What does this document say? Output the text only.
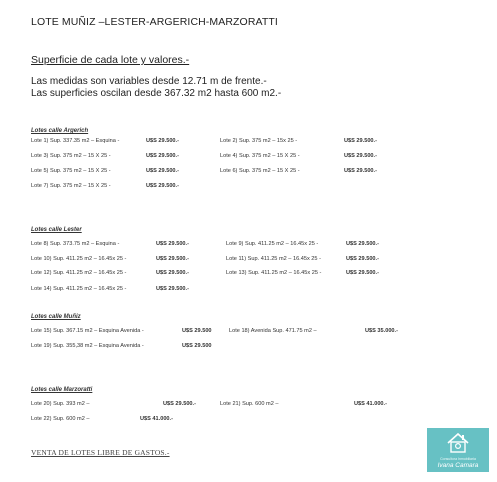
LOTE MUÑIZ –LESTER-ARGERICH-MARZORATTI
Superficie de cada lote y valores.-
Las medidas son variables desde 12.71 m de frente.-
Las superficies oscilan desde 367.32 m2 hasta 600 m2.-
Lotes calle Argerich
Lote 1) Sup. 337.35 m2 – Esquina -	U$S 29.500.-	Lote 2) Sup. 375 m2 – 15x 25 -	U$S 29.500.-
Lote 3) Sup. 375 m2 – 15 X 25 -	U$S 29.500.-	Lote 4) Sup. 375 m2 – 15 X 25 -	U$S 29.500.-
Lote 5) Sup. 375 m2 – 15 X 25 -	U$S 29.500.-	Lote 6) Sup. 375 m2 – 15 X 25 -	U$S 29.500.-
Lote 7) Sup. 375 m2 – 15 X 25 -	U$S 29.500.-
Lotes calle Lester
Lote 8) Sup. 373.75 m2 – Esquina -	U$S 29.500.-	Lote 9) Sup. 411.25 m2 – 16.45x 25 -	U$S 29.500.-
Lote 10) Sup. 411.25 m2 – 16.45x 25 -	U$S 29.500.-	Lote 11) Sup. 411.25 m2 – 16.45x 25 -	U$S 29.500.-
Lote 12) Sup. 411.25 m2 – 16.45x 25 -	U$S 29.500.-	Lote 13) Sup. 411.25 m2 – 16.45x 25 -	U$S 29.500.-
Lote 14) Sup. 411.25 m2 – 16.45x 25 -	U$S 29.500.-
Lotes calle Muñiz
Lote 15) Sup. 367.15 m2 – Esquina Avenida -	U$S 29.500	Lote 18) Avenida Sup. 471.75 m2 –	U$S 35.000.-
Lote 19) Sup. 355,38 m2 – Esquina Avenida -	U$S 29.500
Lotes calle Marzoratti
Lote 20) Sup. 393 m2 –	U$S 29.500.-	Lote 21) Sup. 600 m2 –	U$S 41.000.-
Lote 22) Sup. 600 m2 –	U$S 41.000.-
VENTA DE LOTES LIBRE DE GASTOS.-
Consultora Inmobiliaria
Ivana Camara
